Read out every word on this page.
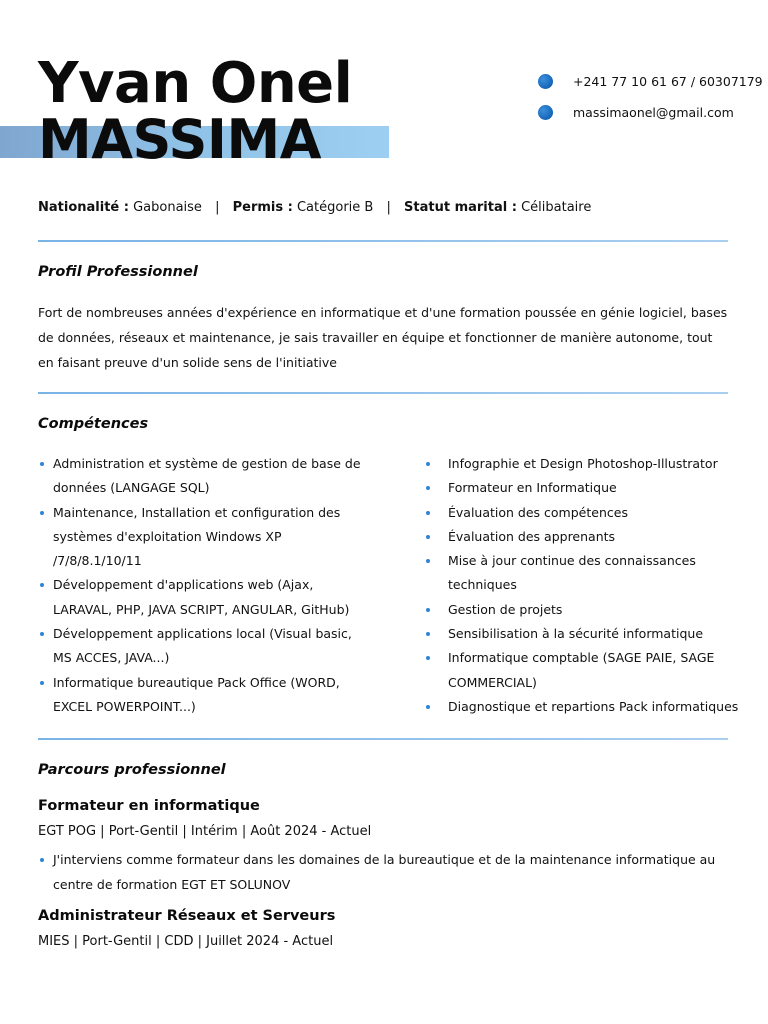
Yvan Onel
MASSIMA
+241 77 10 61 67 / 60307179
massimaonel@gmail.com
Nationalité : Gabonaise | Permis : Catégorie B | Statut marital : Célibataire
Profil Professionnel
Fort de nombreuses années d'expérience en informatique et d'une formation poussée en génie logiciel, bases de données, réseaux et maintenance, je sais travailler en équipe et fonctionner de manière autonome, tout en faisant preuve d'un solide sens de l'initiative
Compétences
Administration et système de gestion de base de données (LANGAGE SQL)
Maintenance, Installation et configuration des systèmes d'exploitation Windows XP /7/8/8.1/10/11
Développement d'applications web (Ajax, LARAVAL, PHP, JAVA SCRIPT, ANGULAR, GitHub)
Développement applications local (Visual basic, MS ACCES, JAVA...)
Informatique bureautique Pack Office (WORD, EXCEL POWERPOINT...)
Infographie et Design Photoshop-Illustrator
Formateur en Informatique
Évaluation des compétences
Évaluation des apprenants
Mise à jour continue des connaissances techniques
Gestion de projets
Sensibilisation à la sécurité informatique
Informatique comptable (SAGE PAIE, SAGE COMMERCIAL)
Diagnostique et repartions Pack informatiques
Parcours professionnel
Formateur en informatique
EGT POG | Port-Gentil | Intérim | Août 2024 - Actuel
J'interviens comme formateur dans les domaines de la bureautique et de la maintenance informatique au centre de formation EGT ET SOLUNOV
Administrateur Réseaux et Serveurs
MIES | Port-Gentil | CDD | Juillet 2024 - Actuel
